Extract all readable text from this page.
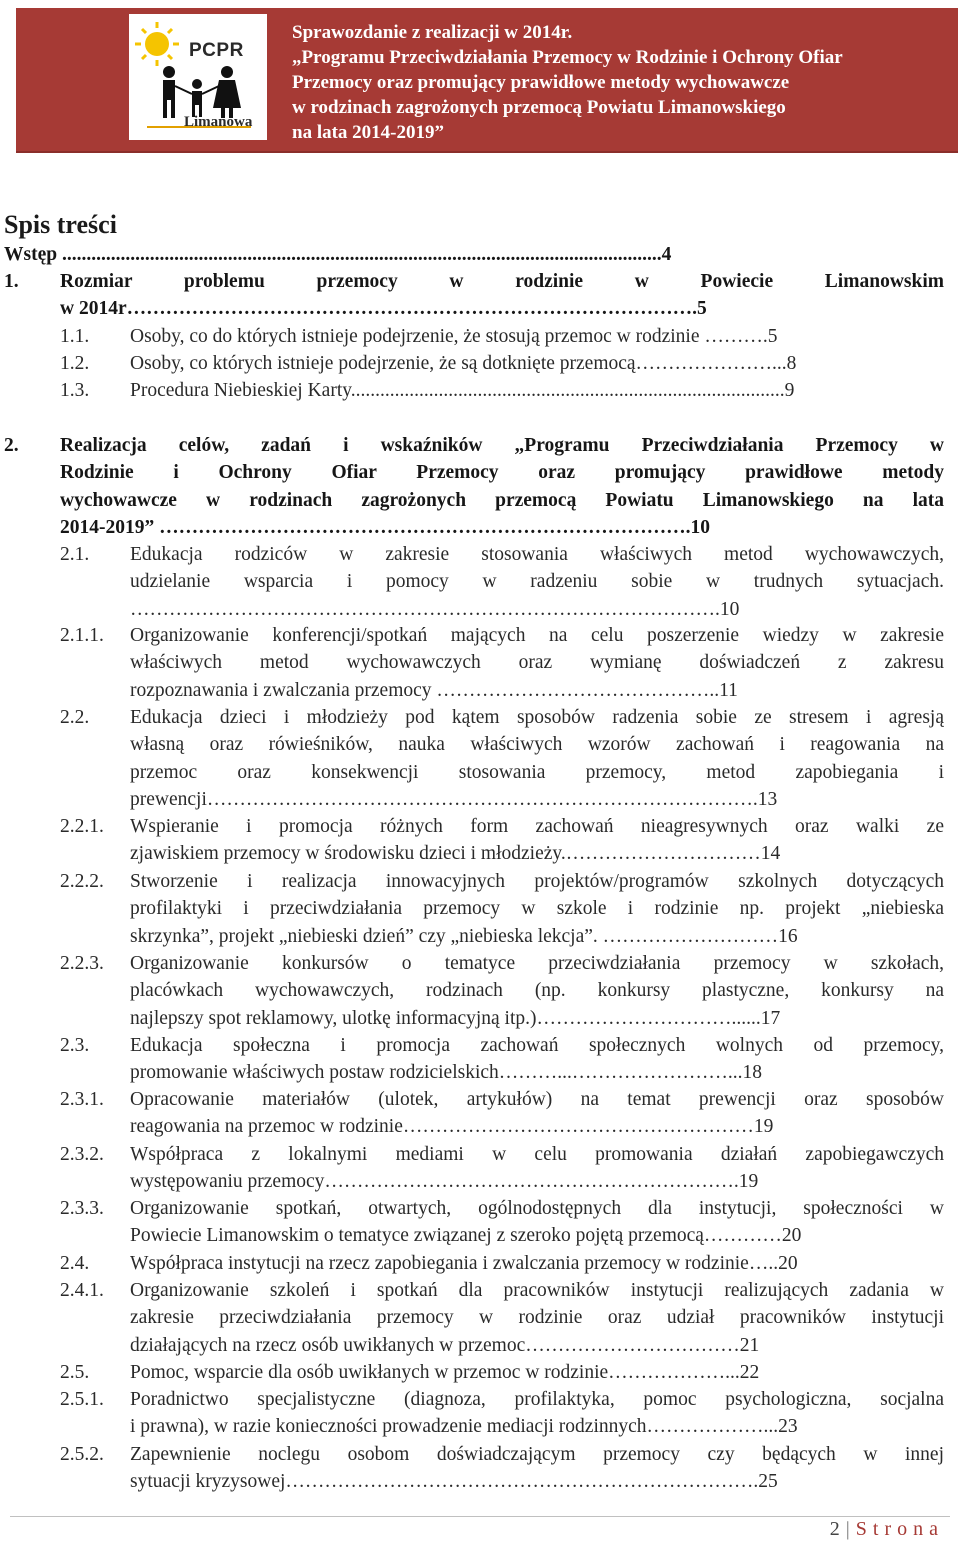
PCPR
Limanowa
Sprawozdanie z realizacji w 2014r.
„Programu Przeciwdziałania Przemocy w Rodzinie i Ochrony Ofiar
Przemocy oraz promujący prawidłowe metody wychowawcze
w rodzinach zagrożonych przemocą Powiatu Limanowskiego
na lata 2014-2019”
Spis treści
Wstęp ...........................................................................................................................4
1. Rozmiar problemu przemocy w rodzinie w Powiecie Limanowskim
w 2014r…………………………………………………………………………….5
1.1. Osoby, co do których istnieje podejrzenie, że stosują przemoc w rodzinie ……….5
1.2. Osoby, co których istnieje podejrzenie, że są dotknięte przemocą…………………...8
1.3. Procedura Niebieskiej Karty.........................................................................................9
2. Realizacja celów, zadań i wskaźników „Programu Przeciwdziałania Przemocy w
Rodzinie i Ochrony Ofiar Przemocy oraz promujący prawidłowe metody
wychowawcze w rodzinach zagrożonych przemocą Powiatu Limanowskiego na lata
2014-2019” ……………………………………………………………………….10
2.1. Edukacja rodziców w zakresie stosowania właściwych metod wychowawczych,
udzielanie wsparcia i pomocy w radzeniu sobie w trudnych sytuacjach.
……………………………………………………………………………….10
2.1.1. Organizowanie konferencji/spotkań mających na celu poszerzenie wiedzy w zakresie
właściwych metod wychowawczych oraz wymianę doświadczeń z zakresu
rozpoznawania i zwalczania przemocy ……………………………………..11
2.2. Edukacja dzieci i młodzieży pod kątem sposobów radzenia sobie ze stresem i agresją
własną oraz rówieśników, nauka właściwych wzorów zachowań i reagowania na
przemoc oraz konsekwencji stosowania przemocy, metod zapobiegania i
prewencji………………………………………………………………………….13
2.2.1. Wspieranie i promocja różnych form zachowań nieagresywnych oraz walki ze
zjawiskiem przemocy w środowisku dzieci i młodzieży.…………………………14
2.2.2. Stworzenie i realizacja innowacyjnych projektów/programów szkolnych dotyczących
profilaktyki i przeciwdziałania przemocy w szkole i rodzinie np. projekt „niebieska
skrzynka”, projekt „niebieski dzień” czy „niebieska lekcja”. ………………………16
2.2.3. Organizowanie konkursów o tematyce przeciwdziałania przemocy w szkołach,
placówkach wychowawczych, rodzinach (np. konkursy plastyczne, konkursy na
najlepszy spot reklamowy, ulotkę informacyjną itp.)…………………………......17
2.3. Edukacja społeczna i promocja zachowań społecznych wolnych od przemocy,
promowanie właściwych postaw rodzicielskich………...……………………...18
2.3.1. Opracowanie materiałów (ulotek, artykułów) na temat prewencji oraz sposobów
reagowania na przemoc w rodzinie………………………………………………19
2.3.2. Współpraca z lokalnymi mediami w celu promowania działań zapobiegawczych
występowaniu przemocy……………………………………………………….19
2.3.3. Organizowanie spotkań, otwartych, ogólnodostępnych dla instytucji, społeczności w
Powiecie Limanowskim o tematyce związanej z szeroko pojętą przemocą…………20
2.4. Współpraca instytucji na rzecz zapobiegania i zwalczania przemocy w rodzinie…..20
2.4.1. Organizowanie szkoleń i spotkań dla pracowników instytucji realizujących zadania w
zakresie przeciwdziałania przemocy w rodzinie oraz udział pracowników instytucji
działających na rzecz osób uwikłanych w przemoc……………………………21
2.5. Pomoc, wsparcie dla osób uwikłanych w przemoc w rodzinie………………...22
2.5.1. Poradnictwo specjalistyczne (diagnoza, profilaktyka, pomoc psychologiczna, socjalna
i prawna), w razie konieczności prowadzenie mediacji rodzinnych………………...23
2.5.2. Zapewnienie noclegu osobom doświadczającym przemocy czy będących w innej
sytuacji kryzysowej……………………………………………………………….25
2 | Strona
